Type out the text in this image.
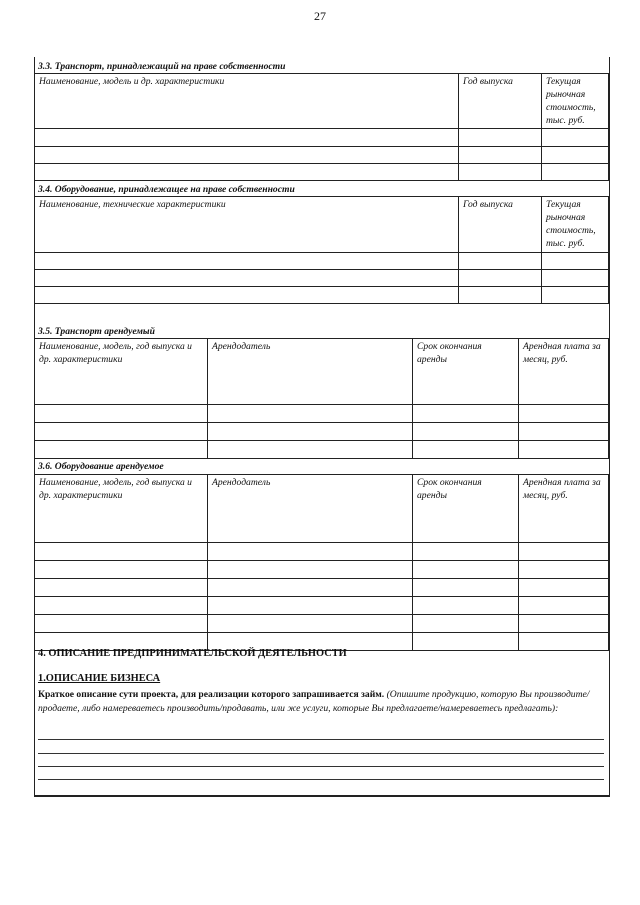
27
3.3. Транспорт, принадлежащий на праве собственности
Наименование, модель и др. характеристики	Год выпуска	Текущая рыночная стоимость, тыс. руб.

3.4. Оборудование, принадлежащее на праве собственности
Наименование, технические характеристики	Год выпуска	Текущая рыночная стоимость, тыс. руб.

3.5. Транспорт арендуемый
Наименование, модель, год выпуска и др. характеристики	Арендодатель	Срок окончания аренды	Арендная плата за месяц, руб.

3.6. Оборудование арендуемое
Наименование, модель, год выпуска и др. характеристики	Арендодатель	Срок окончания аренды	Арендная плата за месяц, руб.

4. ОПИСАНИЕ ПРЕДПРИНИМАТЕЛЬСКОЙ ДЕЯТЕЛЬНОСТИ
1.ОПИСАНИЕ БИЗНЕСА
Краткое описание сути проекта, для реализации которого запрашивается займ. (Опишите продукцию, которую Вы производите/продаете, либо намереваетесь производить/продавать, или же услуги, которые Вы предлагаете/намереваетесь предлагать):
